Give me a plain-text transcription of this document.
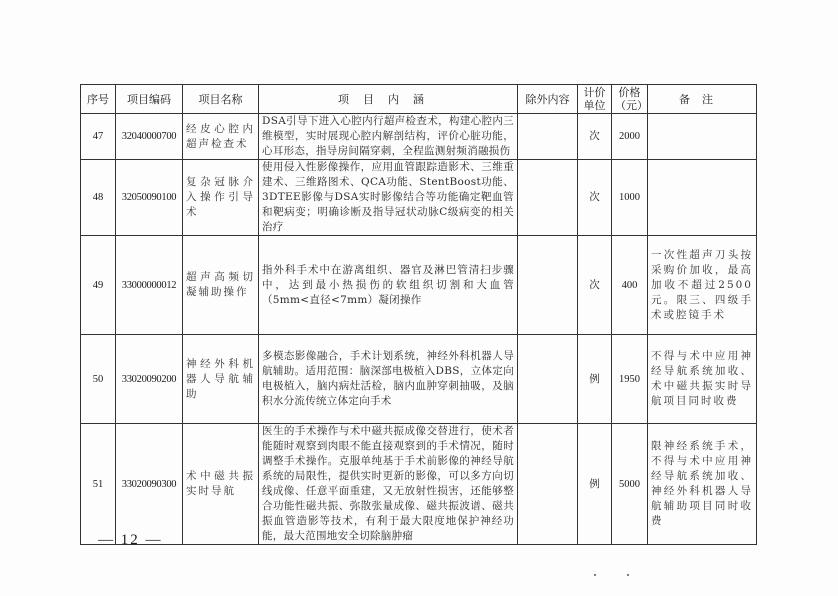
序号	项目编码	项目名称	项目内涵	除外内容	计价单位	价格（元）	备注
47	32040000700	经皮心腔内超声检查术	DSA引导下进入心腔内行超声检查术，构建心腔内三维模型，实时展现心腔内解剖结构，评价心脏功能，心耳形态，指导房间隔穿刺，全程监测射频消融损伤		次	2000	
48	32050090100	复杂冠脉介入操作引导术	使用侵入性影像操作，应用血管跟踪造影术、三维重建术、三维路图术、QCA功能、StentBoost功能、3DTEE影像与DSA实时影像结合等功能确定靶血管和靶病变；明确诊断及指导冠状动脉C级病变的相关治疗		次	1000	
49	33000000012	超声高频切凝辅助操作	指外科手术中在游离组织、器官及淋巴管清扫步骤中，达到最小热损伤的软组织切割和大血管（5mm<直径<7mm）凝闭操作		次	400	一次性超声刀头按采购价加收，最高加收不超过2500元。限三、四级手术或腔镜手术
50	33020090200	神经外科机器人导航辅助	多模态影像融合，手术计划系统，神经外科机器人导航辅助。适用范围：脑深部电极植入DBS，立体定向电极植入，脑内病灶活检，脑内血肿穿刺抽吸，及脑积水分流传统立体定向手术		例	1950	不得与术中应用神经导航系统加收、术中磁共振实时导航项目同时收费
51	33020090300	术中磁共振实时导航	医生的手术操作与术中磁共振成像交替进行，使术者能随时观察到肉眼不能直接观察到的手术情况，随时调整手术操作。克服单纯基于手术前影像的神经导航系统的局限性，提供实时更新的影像，可以多方向切线成像、任意平面重建，又无放射性损害，还能够整合功能性磁共振、弥散张量成像、磁共振波谱、磁共振血管造影等技术，有利于最大限度地保护神经功能，最大范围地安全切除脑肿瘤		例	5000	限神经系统手术，不得与术中应用神经导航系统加收、神经外科机器人导航辅助项目同时收费
— 12 —
